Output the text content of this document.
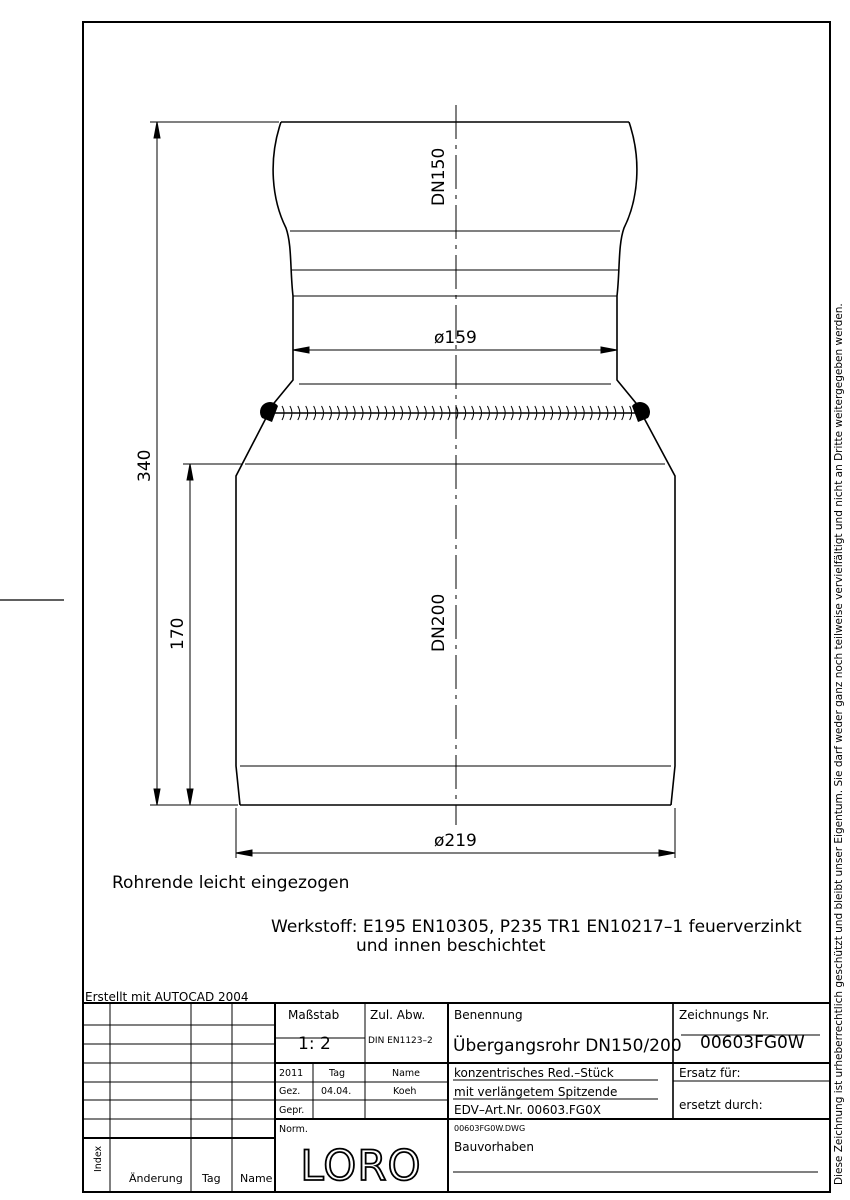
Diese Zeichnung ist urheberrechtlich geschützt und bleibt unser Eigentum. Sie darf weder ganz noch teilweise vervielfältigt und nicht an Dritte weitergegeben werden.
DN150
DN200
ø159
ø219
340
170
Rohrende leicht eingezogen
Werkstoff: E195 EN10305, P235 TR1 EN10217–1 feuerverzinkt
und innen beschichtet
Erstellt mit AUTOCAD 2004
Index
Änderung Tag Name
Maßstab
1: 2
Zul. Abw.
DIN EN1123–2
2011	Tag	Name
Gez. 04.04.	Koeh
Gepr.
Norm.
Benennung
Übergangsrohr DN150/200
Zeichnungs Nr.
00603FG0W
konzentrisches Red.–Stück
mit verlängetem Spitzende
EDV–Art.Nr. 00603.FG0X
00603FG0W.DWG
Ersatz für:
ersetzt durch:
Bauvorhaben
LORO
